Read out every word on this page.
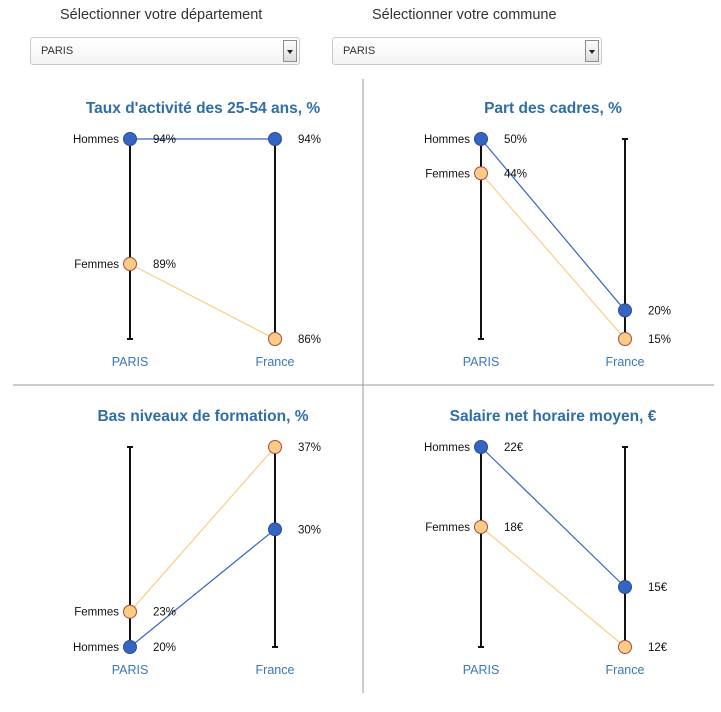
Sélectionner votre département	Sélectionner votre commune
PARIS	PARIS
Taux d'activité des 25-54 ans, %
PARIS	France
94%	94%
Hommes
89%
86%
Femmes
Part des cadres, %
PARIS	France
50%
20%
Hommes
44%
15%
Femmes
Bas niveaux de formation, %
PARIS	France
20%
30%
Hommes
23%
37%
Femmes
Salaire net horaire moyen, €
PARIS	France
22€
15€
Hommes
18€
12€
Femmes
